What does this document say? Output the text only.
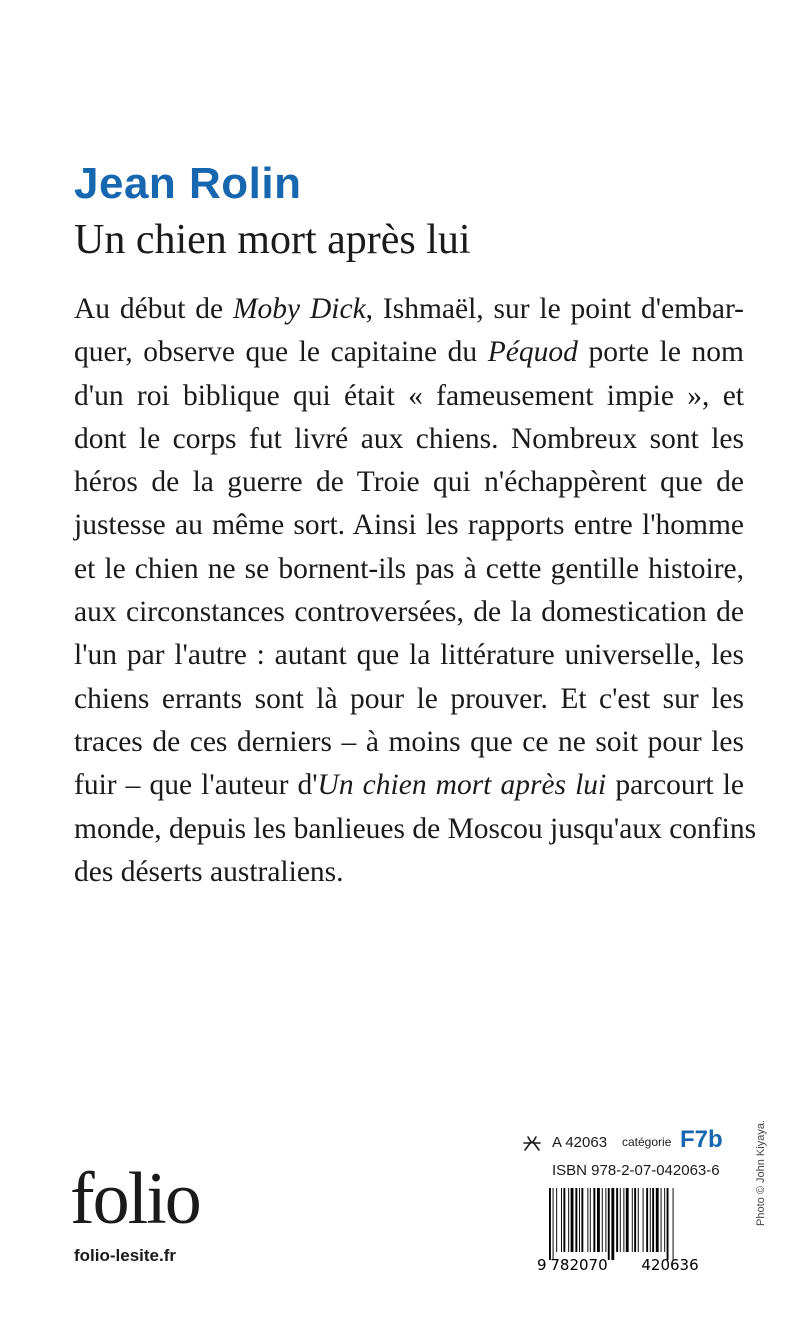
Jean Rolin
Un chien mort après lui
Au début de Moby Dick, Ishmaël, sur le point d'embar-
quer, observe que le capitaine du Péquod porte le nom
d'un roi biblique qui était « fameusement impie », et
dont le corps fut livré aux chiens. Nombreux sont les
héros de la guerre de Troie qui n'échappèrent que de
justesse au même sort. Ainsi les rapports entre l'homme
et le chien ne se bornent-ils pas à cette gentille histoire,
aux circonstances controversées, de la domestication de
l'un par l'autre : autant que la littérature universelle, les
chiens errants sont là pour le prouver. Et c'est sur les
traces de ces derniers – à moins que ce ne soit pour les
fuir – que l'auteur d'Un chien mort après lui parcourt le
monde, depuis les banlieues de Moscou jusqu'aux confins
des déserts australiens.
A 42063 catégorie F7b
ISBN 978-2-07-042063-6
9 782070 420636
folio
folio-lesite.fr
Photo © John Kiyaya.
